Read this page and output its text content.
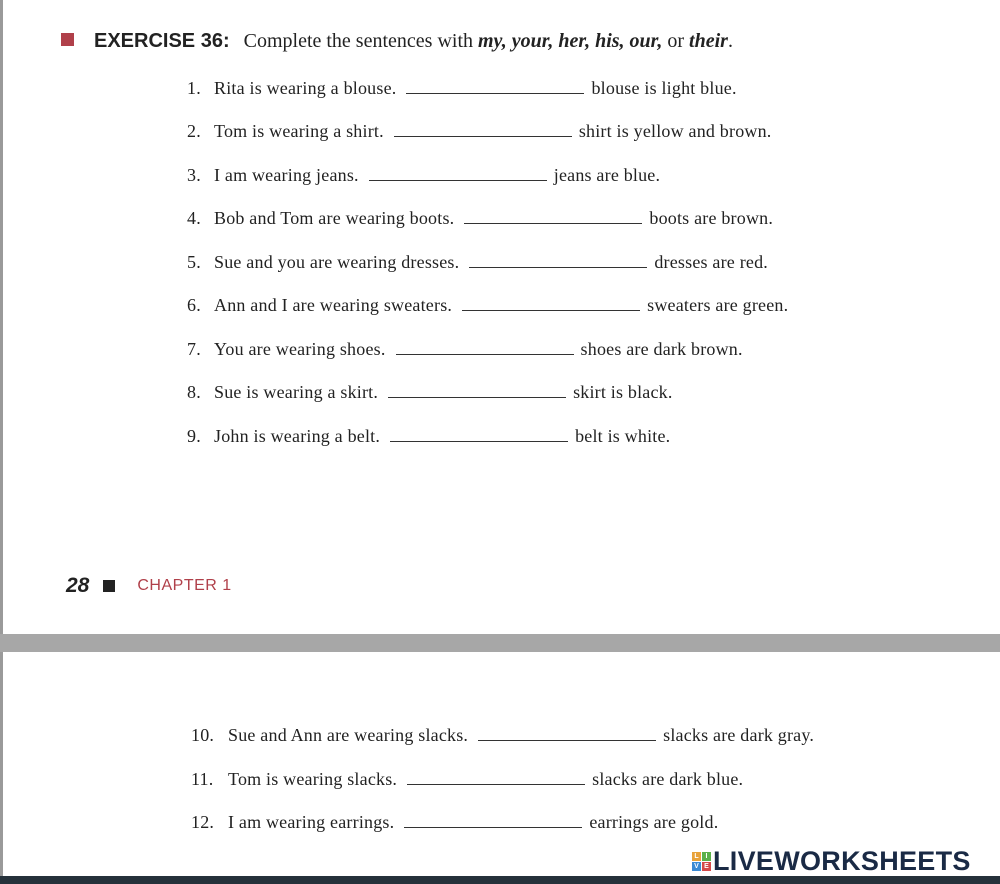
EXERCISE 36: Complete the sentences with my, your, her, his, our, or their.
1. Rita is wearing a blouse.	blouse is light blue.
2. Tom is wearing a shirt.	shirt is yellow and brown.
3. I am wearing jeans.	jeans are blue.
4. Bob and Tom are wearing boots.	boots are brown.
5. Sue and you are wearing dresses.	dresses are red.
6. Ann and I are wearing sweaters.	sweaters are green.
7. You are wearing shoes.	shoes are dark brown.
8. Sue is wearing a skirt.	skirt is black.
9. John is wearing a belt.	belt is white.
28	CHAPTER 1
10. Sue and Ann are wearing slacks.	slacks are dark gray.
11. Tom is wearing slacks.	slacks are dark blue.
12. I am wearing earrings.	earrings are gold.
L I
V E LIVEWORKSHEETS
